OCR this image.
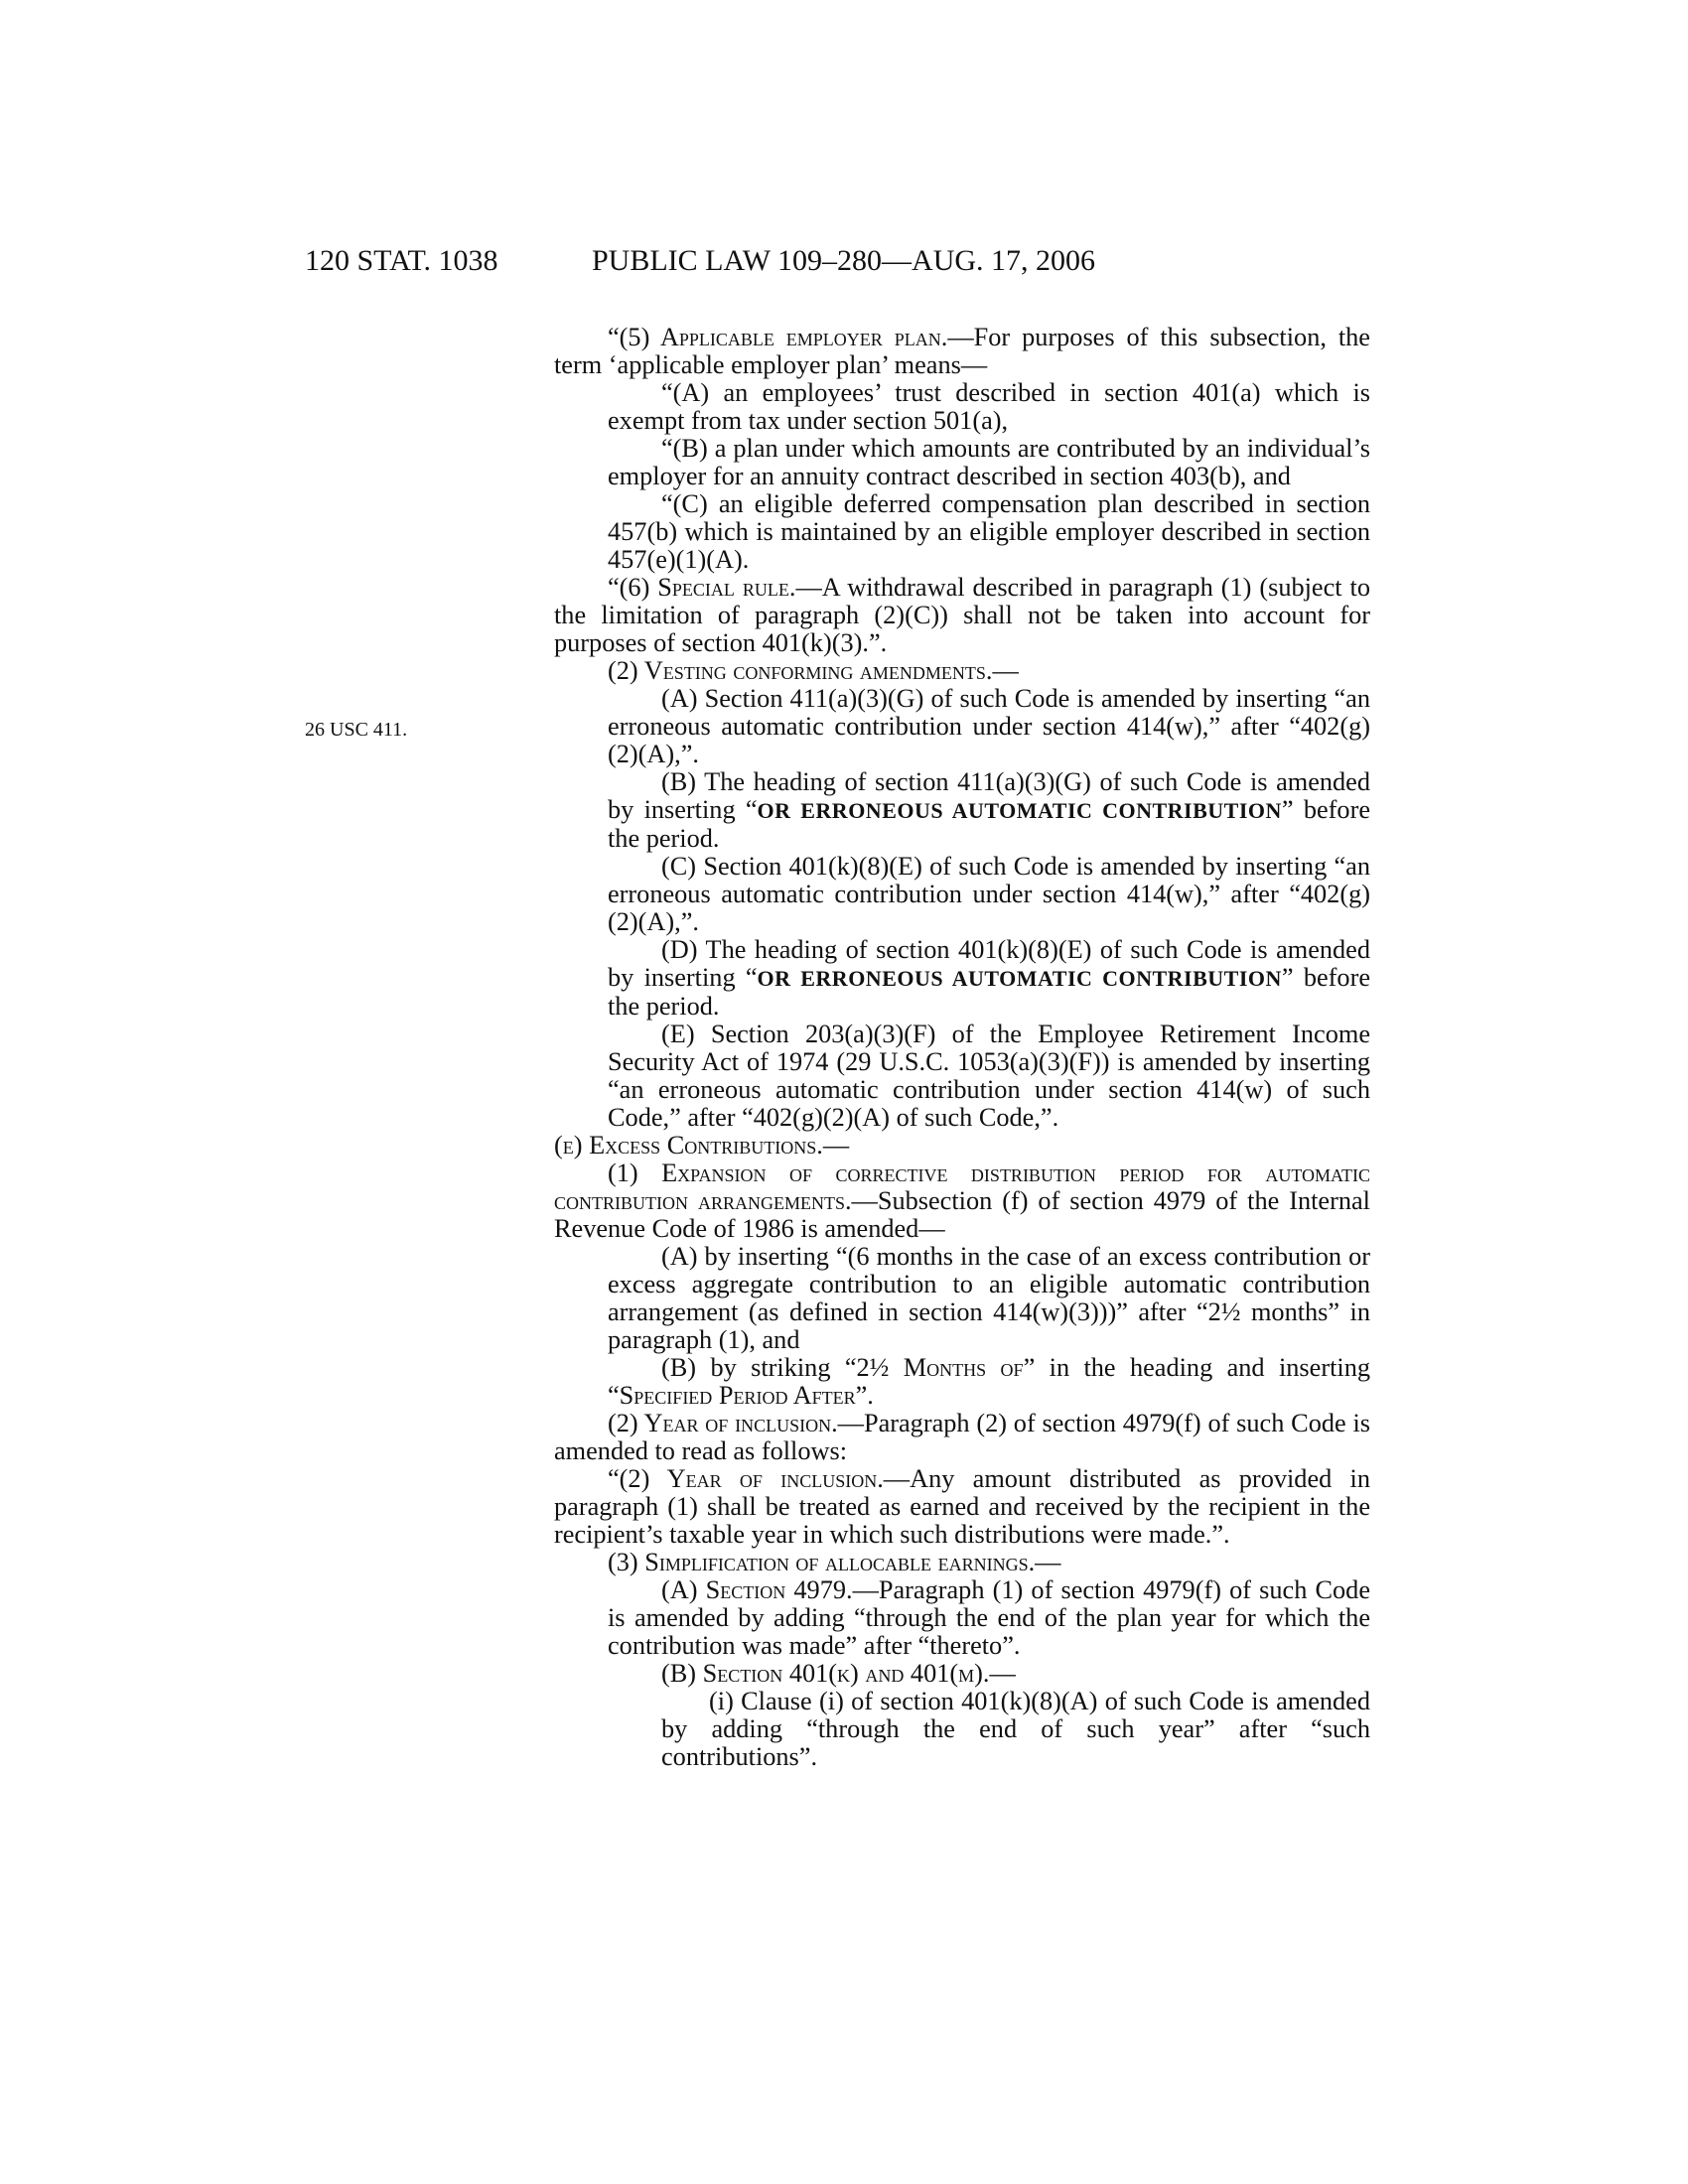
120 STAT. 1038	PUBLIC LAW 109–280—AUG. 17, 2006
26 USC 411.

“(5) Applicable employer plan.—For purposes of this subsection, the term ‘applicable employer plan’ means—

“(A) an employees’ trust described in section 401(a) which is exempt from tax under section 501(a),

“(B) a plan under which amounts are contributed by an individual’s employer for an annuity contract described in section 403(b), and

“(C) an eligible deferred compensation plan described in section 457(b) which is maintained by an eligible employer described in section 457(e)(1)(A).

“(6) Special rule.—A withdrawal described in paragraph (1) (subject to the limitation of paragraph (2)(C)) shall not be taken into account for purposes of section 401(k)(3).”.

(2) Vesting conforming amendments.—

(A) Section 411(a)(3)(G) of such Code is amended by inserting “an erroneous automatic contribution under section 414(w),” after “402(g)(2)(A),”.

(B) The heading of section 411(a)(3)(G) of such Code is amended by inserting “OR ERRONEOUS AUTOMATIC CONTRIBUTION” before the period.

(C) Section 401(k)(8)(E) of such Code is amended by inserting “an erroneous automatic contribution under section 414(w),” after “402(g)(2)(A),”.

(D) The heading of section 401(k)(8)(E) of such Code is amended by inserting “OR ERRONEOUS AUTOMATIC CONTRIBUTION” before the period.

(E) Section 203(a)(3)(F) of the Employee Retirement Income Security Act of 1974 (29 U.S.C. 1053(a)(3)(F)) is amended by inserting “an erroneous automatic contribution under section 414(w) of such Code,” after “402(g)(2)(A) of such Code,”.

(e) Excess Contributions.—

(1) Expansion of corrective distribution period for automatic contribution arrangements.—Subsection (f) of section 4979 of the Internal Revenue Code of 1986 is amended—

(A) by inserting “(6 months in the case of an excess contribution or excess aggregate contribution to an eligible automatic contribution arrangement (as defined in section 414(w)(3)))” after “2½ months” in paragraph (1), and

(B) by striking “2½ Months of” in the heading and inserting “Specified Period After”.

(2) Year of inclusion.—Paragraph (2) of section 4979(f) of such Code is amended to read as follows:

“(2) Year of inclusion.—Any amount distributed as provided in paragraph (1) shall be treated as earned and received by the recipient in the recipient’s taxable year in which such distributions were made.”.

(3) Simplification of allocable earnings.—

(A) Section 4979.—Paragraph (1) of section 4979(f) of such Code is amended by adding “through the end of the plan year for which the contribution was made” after “thereto”.

(B) Section 401(k) and 401(m).—

(i) Clause (i) of section 401(k)(8)(A) of such Code is amended by adding “through the end of such year” after “such contributions”.
